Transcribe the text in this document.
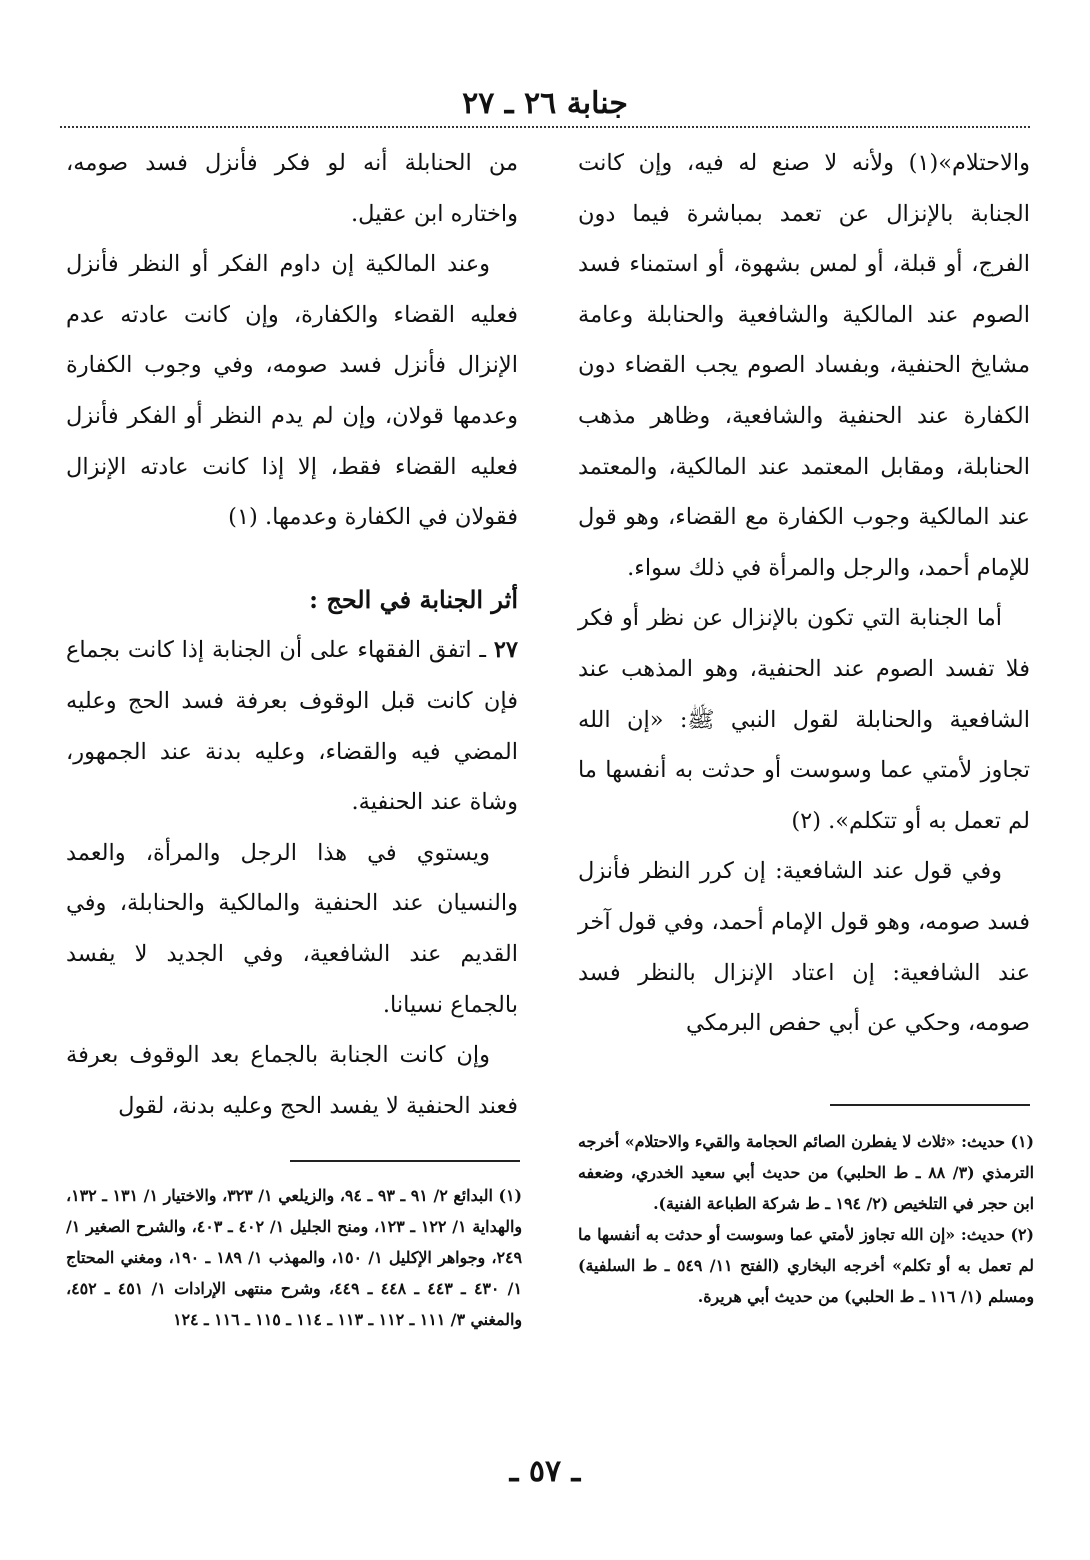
جنابة ٢٦ ـ ٢٧

والاحتلام»(١) ولأنه لا صنع له فيه، وإن كانت الجنابة بالإنزال عن تعمد بمباشرة فيما دون الفرج، أو قبلة، أو لمس بشهوة، أو استمناء فسد الصوم عند المالكية والشافعية والحنابلة وعامة مشايخ الحنفية، وبفساد الصوم يجب القضاء دون الكفارة عند الحنفية والشافعية، وظاهر مذهب الحنابلة، ومقابل المعتمد عند المالكية، والمعتمد عند المالكية وجوب الكفارة مع القضاء، وهو قول للإمام أحمد، والرجل والمرأة في ذلك سواء.

أما الجنابة التي تكون بالإنزال عن نظر أو فكر فلا تفسد الصوم عند الحنفية، وهو المذهب عند الشافعية والحنابلة لقول النبي ﷺ: «إن الله تجاوز لأمتي عما وسوست أو حدثت به أنفسها ما لم تعمل به أو تتكلم». (٢)

وفي قول عند الشافعية: إن كرر النظر فأنزل فسد صومه، وهو قول الإمام أحمد، وفي قول آخر عند الشافعية: إن اعتاد الإنزال بالنظر فسد صومه، وحكي عن أبي حفص البرمكي

من الحنابلة أنه لو فكر فأنزل فسد صومه، واختاره ابن عقيل.

وعند المالكية إن داوم الفكر أو النظر فأنزل فعليه القضاء والكفارة، وإن كانت عادته عدم الإنزال فأنزل فسد صومه، وفي وجوب الكفارة وعدمها قولان، وإن لم يدم النظر أو الفكر فأنزل فعليه القضاء فقط، إلا إذا كانت عادته الإنزال فقولان في الكفارة وعدمها. (١)

أثر الجنابة في الحج :

٢٧ ـ اتفق الفقهاء على أن الجنابة إذا كانت بجماع فإن كانت قبل الوقوف بعرفة فسد الحج وعليه المضي فيه والقضاء، وعليه بدنة عند الجمهور، وشاة عند الحنفية.

ويستوي في هذا الرجل والمرأة، والعمد والنسيان عند الحنفية والمالكية والحنابلة، وفي القديم عند الشافعية، وفي الجديد لا يفسد بالجماع نسيانا.

وإن كانت الجنابة بالجماع بعد الوقوف بعرفة فعند الحنفية لا يفسد الحج وعليه بدنة، لقول

(١) حديث: «ثلاث لا يفطرن الصائم الحجامة والقيء والاحتلام» أخرجه الترمذي (٣/ ٨٨ ـ ط الحلبي) من حديث أبي سعيد الخدري، وضعفه ابن حجر في التلخيص (٢/ ١٩٤ ـ ط شركة الطباعة الفنية).

(٢) حديث: «إن الله تجاوز لأمتي عما وسوست أو حدثت به أنفسها ما لم تعمل به أو تكلم» أخرجه البخاري (الفتح ١١/ ٥٤٩ ـ ط السلفية) ومسلم (١/ ١١٦ ـ ط الحلبي) من حديث أبي هريرة.

(١) البدائع ٢/ ٩١ ـ ٩٣ ـ ٩٤، والزيلعي ١/ ٣٢٣، والاختيار ١/ ١٣١ ـ ١٣٢، والهداية ١/ ١٢٢ ـ ١٢٣، ومنح الجليل ١/ ٤٠٢ ـ ٤٠٣، والشرح الصغير ١/ ٢٤٩، وجواهر الإكليل ١/ ١٥٠، والمهذب ١/ ١٨٩ ـ ١٩٠، ومغني المحتاج ١/ ٤٣٠ ـ ٤٤٣ ـ ٤٤٨ ـ ٤٤٩، وشرح منتهى الإرادات ١/ ٤٥١ ـ ٤٥٢، والمغني ٣/ ١١١ ـ ١١٢ ـ ١١٣ ـ ١١٤ ـ ١١٥ ـ ١١٦ ـ ١٢٤

ـ ٥٧ ـ
